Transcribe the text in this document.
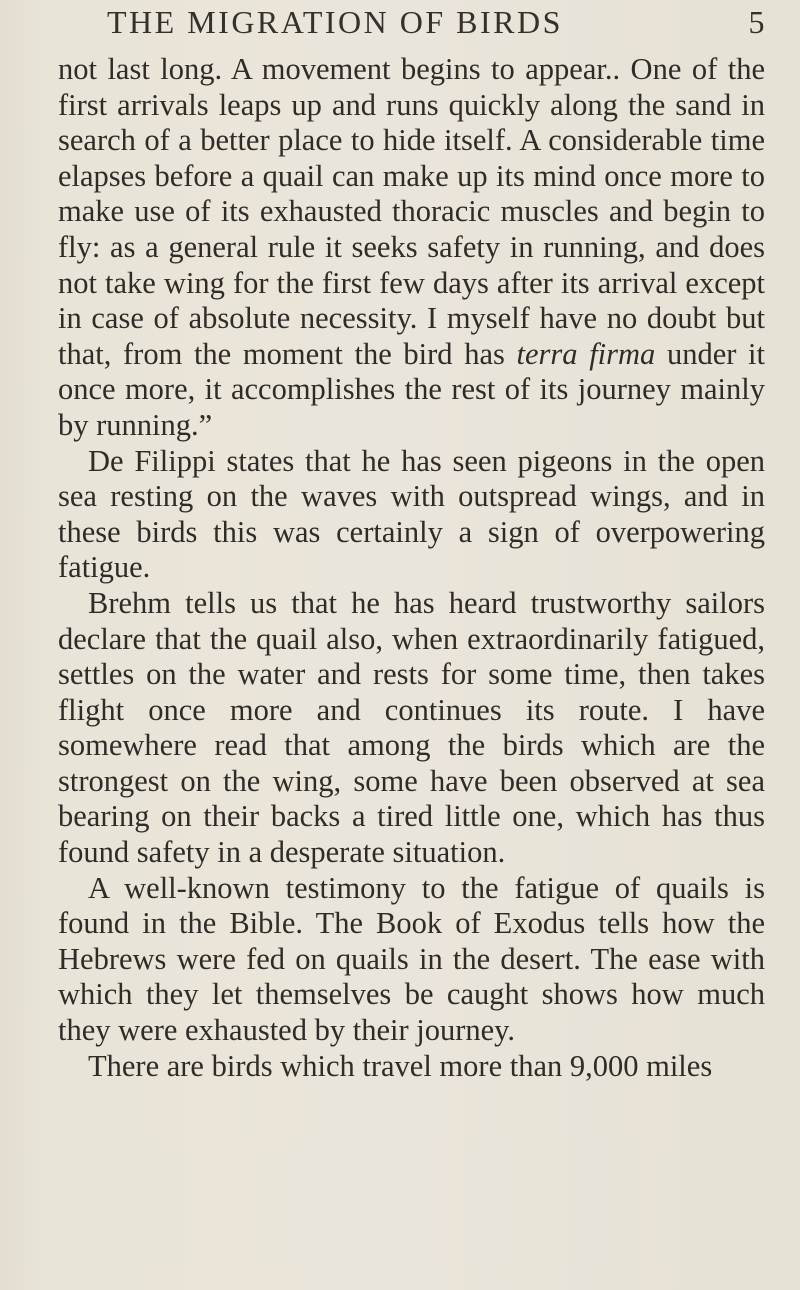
THE MIGRATION OF BIRDS	5

not last long. A movement begins to appear.. One of the first arrivals leaps up and runs quickly along the sand in search of a better place to hide itself. A considerable time elapses before a quail can make up its mind once more to make use of its exhausted thoracic muscles and begin to fly: as a general rule it seeks safety in running, and does not take wing for the first few days after its arrival except in case of absolute necessity. I myself have no doubt but that, from the moment the bird has terra firma under it once more, it accomplishes the rest of its journey mainly by running.”

De Filippi states that he has seen pigeons in the open sea resting on the waves with outspread wings, and in these birds this was certainly a sign of overpowering fatigue.

Brehm tells us that he has heard trustworthy sailors declare that the quail also, when extraordinarily fatigued, settles on the water and rests for some time, then takes flight once more and continues its route. I have somewhere read that among the birds which are the strongest on the wing, some have been observed at sea bearing on their backs a tired little one, which has thus found safety in a desperate situation.

A well-known testimony to the fatigue of quails is found in the Bible. The Book of Exodus tells how the Hebrews were fed on quails in the desert. The ease with which they let themselves be caught shows how much they were exhausted by their journey.

There are birds which travel more than 9,000 miles
